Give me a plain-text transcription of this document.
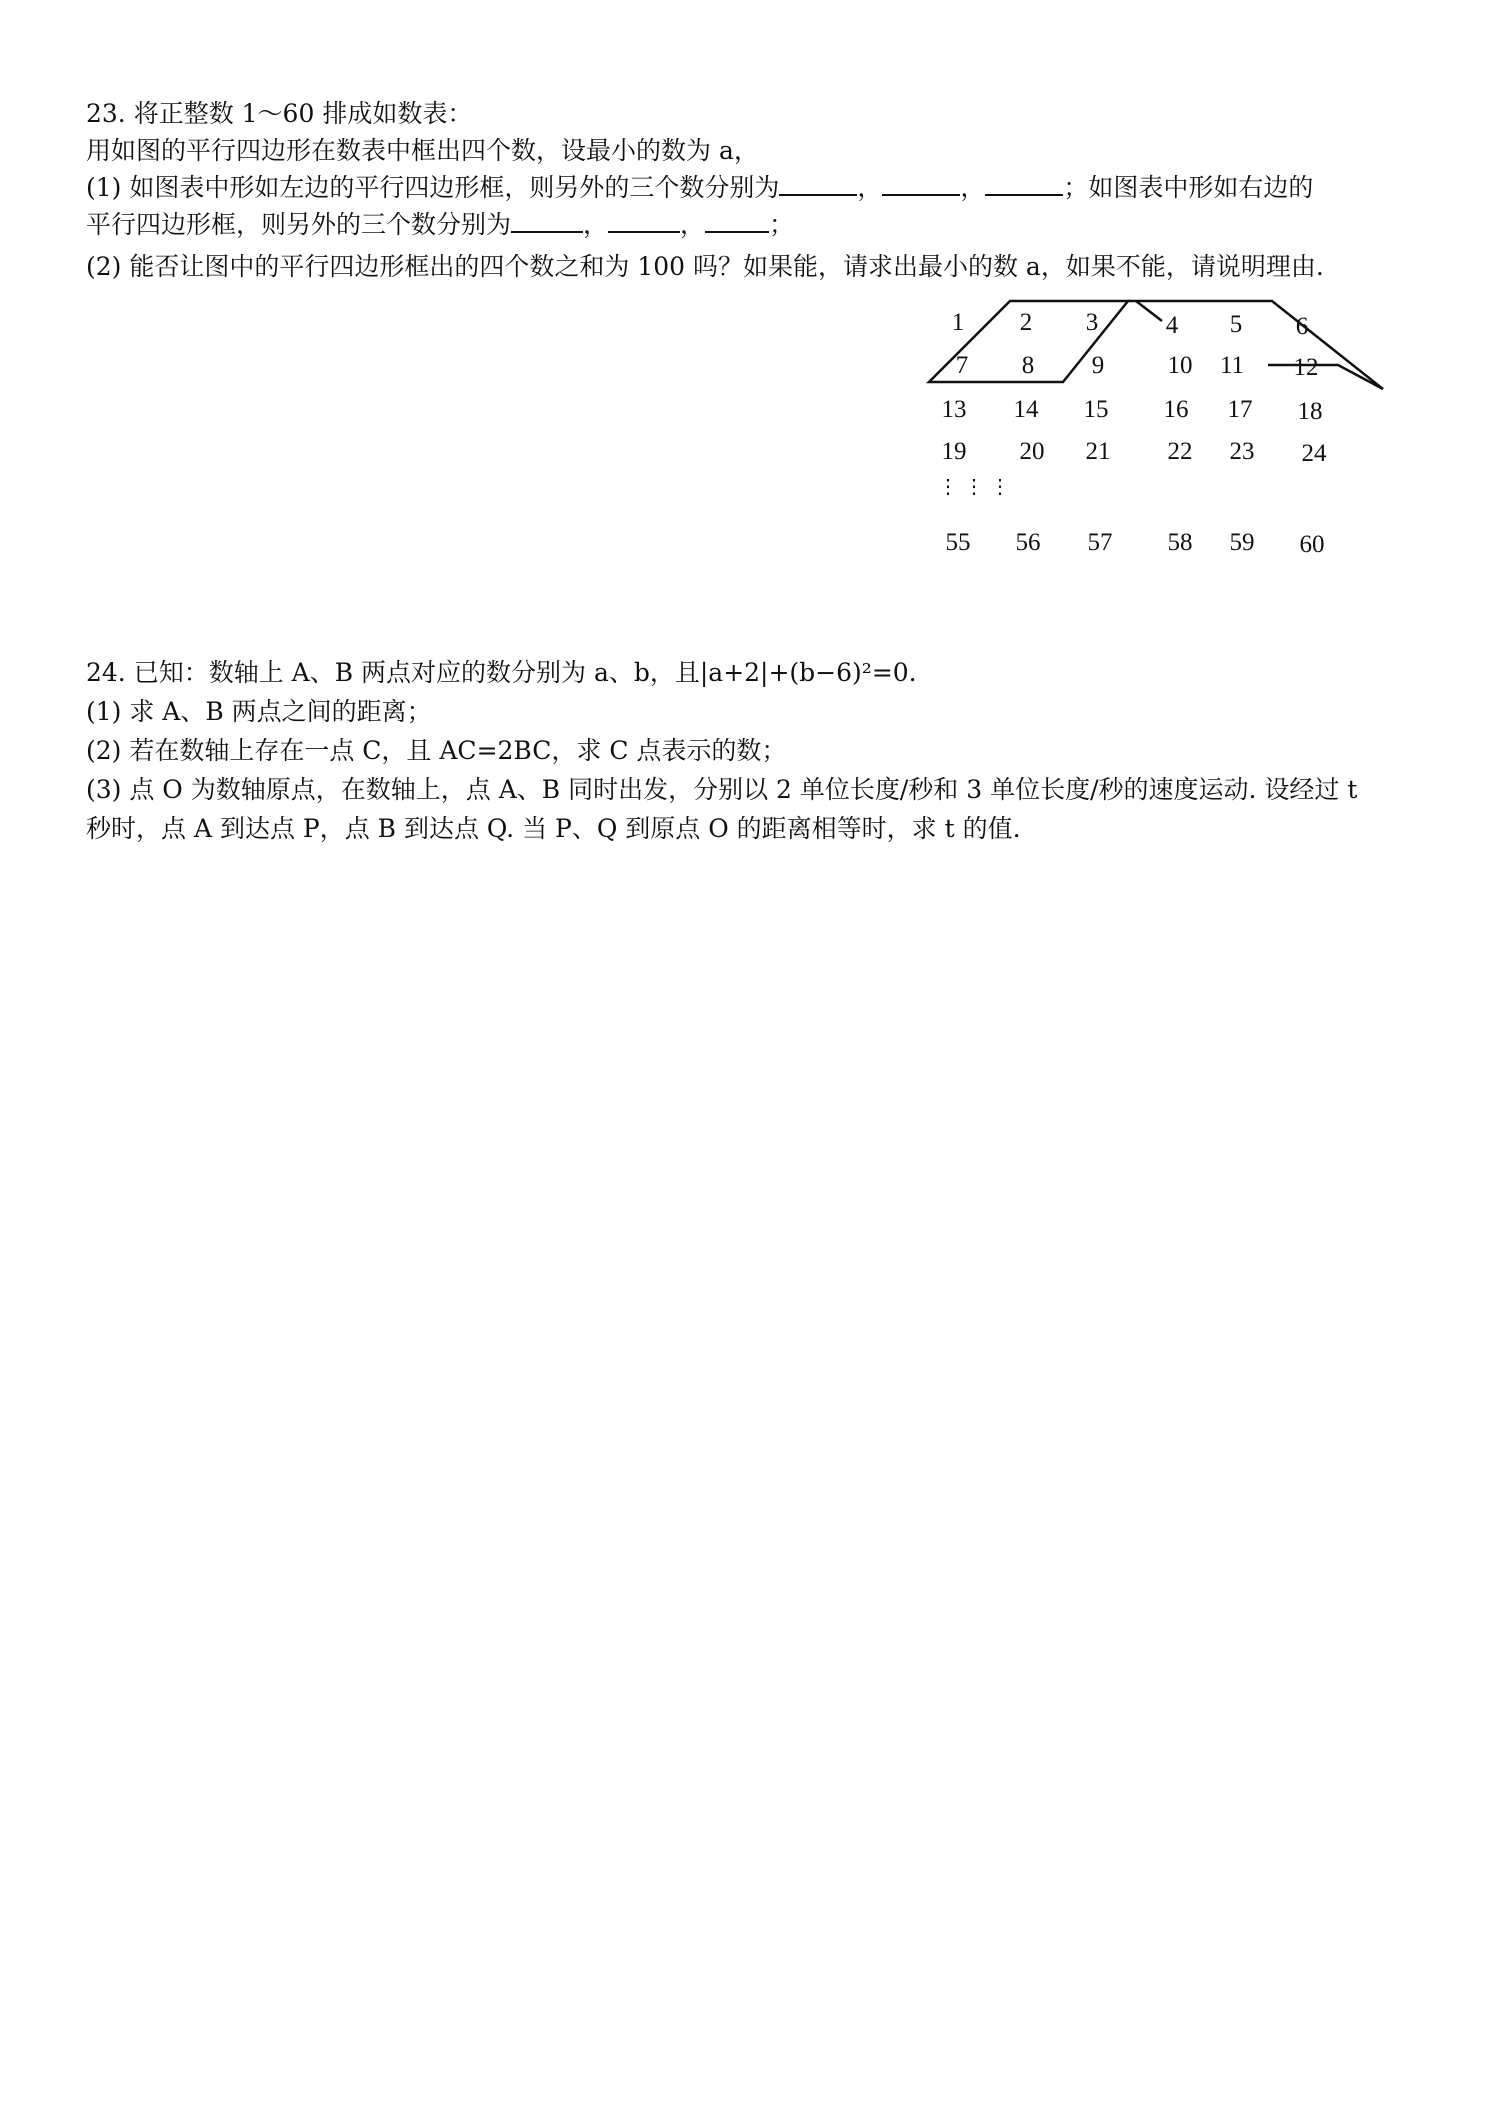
23. 将正整数 1～60 排成如数表：
用如图的平行四边形在数表中框出四个数，设最小的数为 a，
(1) 如图表中形如左边的平行四边形框，则另外的三个数分别为	，	，	；如图表中形如右边的
平行四边形框，则另外的三个数分别为	，	，	；
(2) 能否让图中的平行四边形框出的四个数之和为 100 吗？如果能，请求出最小的数 a，如果不能，请说明理由.
1 2 3	4 5 6
7 8 9	10 11 12
13 14 15 16 17 18
19 20 21 22 23 24
⋮⋮⋮
55 56 57 58 59 60
24. 已知：数轴上 A、B 两点对应的数分别为 a、b，且|a+2|+(b−6)²=0.
(1) 求 A、B 两点之间的距离；
(2) 若在数轴上存在一点 C，且 AC=2BC，求 C 点表示的数；
(3) 点 O 为数轴原点，在数轴上，点 A、B 同时出发，分别以 2 单位长度/秒和 3 单位长度/秒的速度运动. 设经过 t
秒时，点 A 到达点 P，点 B 到达点 Q. 当 P、Q 到原点 O 的距离相等时，求 t 的值.
